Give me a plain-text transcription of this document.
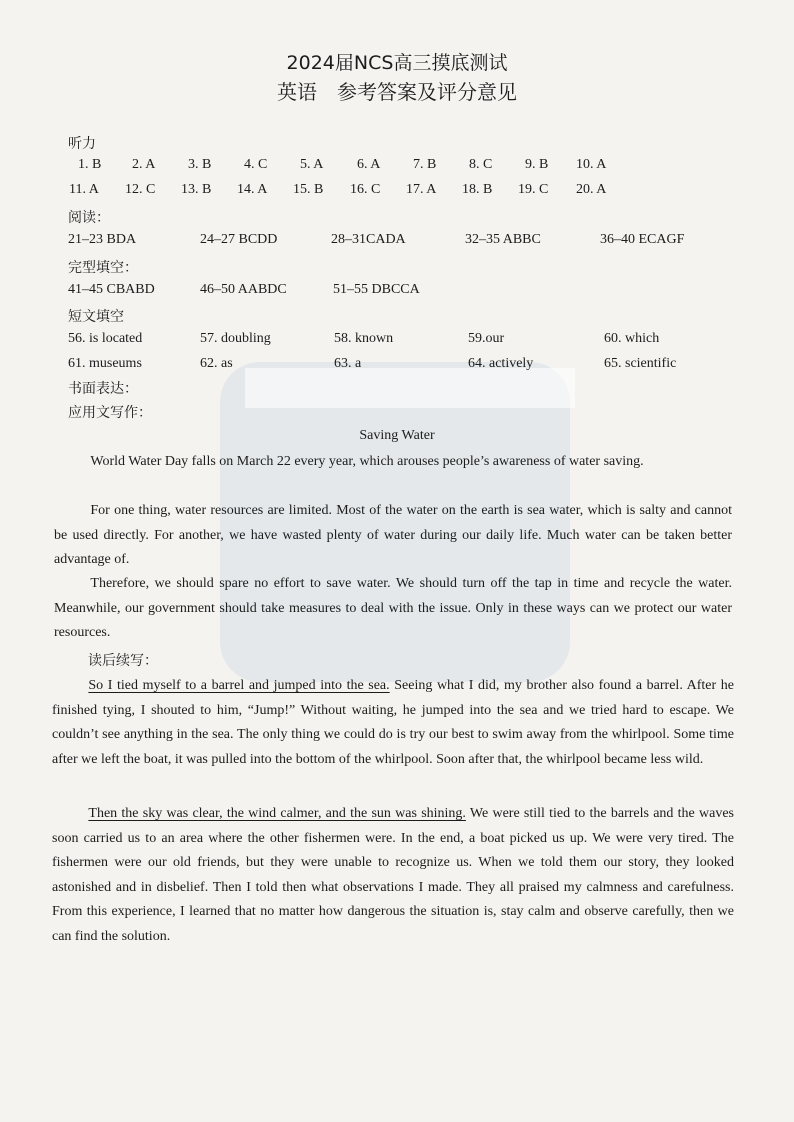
2024届NCS高三摸底测试
英语　参考答案及评分意见
听力
1. B 2. A 3. B 4. C 5. A 6. A 7. B 8. C 9. B 10. A
11. A 12. C 13. B 14. A 15. B 16. C 17. A 18. B 19. C 20. A
阅读：
21–23 BDA	24–27 BCDD	28–31CADA	32–35 ABBC	36–40 ECAGF
完型填空：
41–45 CBABD	46–50 AABDC	51–55 DBCCA
短文填空
56. is located	57. doubling	58. known	59.our	60. which
61. museums	62. as	63. a	64. actively	65. scientific
书面表达：
应用文写作：
Saving Water

World Water Day falls on March 22 every year, which arouses people’s awareness of water saving.

For one thing, water resources are limited. Most of the water on the earth is sea water, which is salty and cannot be used directly. For another, we have wasted plenty of water during our daily life. Much water can be taken better advantage of.

Therefore, we should spare no effort to save water. We should turn off the tap in time and recycle the water. Meanwhile, our government should take measures to deal with the issue. Only in these ways can we protect our water resources.

读后续写：

So I tied myself to a barrel and jumped into the sea. Seeing what I did, my brother also found a barrel. After he finished tying, I shouted to him, “Jump!” Without waiting, he jumped into the sea and we tried hard to escape. We couldn’t see anything in the sea. The only thing we could do is try our best to swim away from the whirlpool. Some time after we left the boat, it was pulled into the bottom of the whirlpool. Soon after that, the whirlpool became less wild.

Then the sky was clear, the wind calmer, and the sun was shining. We were still tied to the barrels and the waves soon carried us to an area where the other fishermen were. In the end, a boat picked us up. We were very tired. The fishermen were our old friends, but they were unable to recognize us. When we told them our story, they looked astonished and in disbelief. Then I told then what observations I made. They all praised my calmness and carefulness. From this experience, I learned that no matter how dangerous the situation is, stay calm and observe carefully, then we can find the solution.
